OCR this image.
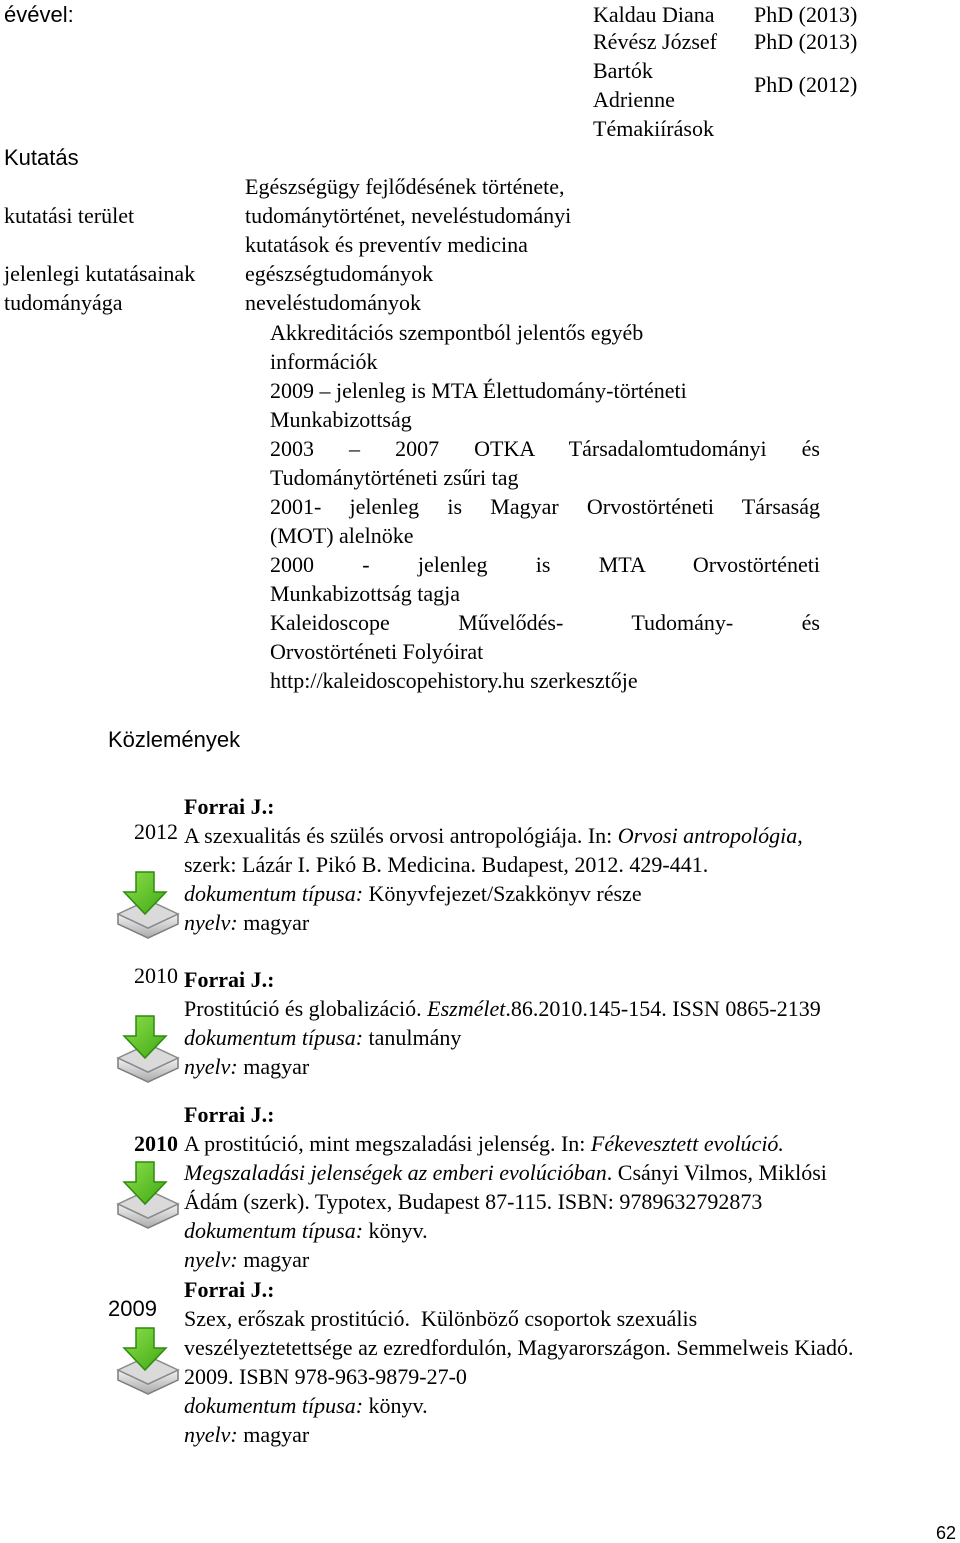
évével:	Kaldau Diana PhD (2013)
Révész József PhD (2013)
Bartók
Adrienne
PhD (2012)
Témakiírások
Kutatás
kutatási terület
Egészségügy fejlődésének története,
tudománytörténet, neveléstudományi
kutatások és preventív medicina
jelenlegi kutatásainak
tudományága
egészségtudományok
neveléstudományok
Akkreditációs szempontból jelentős egyéb
információk
2009 – jelenleg is MTA Élettudomány-történeti
Munkabizottság
2003 – 2007 OTKA Társadalomtudományi és
Tudománytörténeti zsűri tag
2001- jelenleg is Magyar Orvostörténeti Társaság
(MOT) alelnöke
2000 - jelenleg is MTA Orvostörténeti
Munkabizottság tagja
Kaleidoscope Művelődés- Tudomány- és
Orvostörténeti Folyóirat
http://kaleidoscopehistory.hu szerkesztője
Közlemények
2012
Forrai J.:
A szexualitás és szülés orvosi antropológiája. In: Orvosi antropológia,
szerk: Lázár I. Pikó B. Medicina. Budapest, 2012. 429-441.
dokumentum típusa: Könyvfejezet/Szakkönyv része
nyelv: magyar
2010 Forrai J.:
Prostitúció és globalizáció. Eszmélet.86.2010.145-154. ISSN 0865-2139
dokumentum típusa: tanulmány
nyelv: magyar
2010
Forrai J.:
A prostitúció, mint megszaladási jelenség. In: Fékevesztett evolúció.
Megszaladási jelenségek az emberi evolúcióban. Csányi Vilmos, Miklósi
Ádám (szerk). Typotex, Budapest 87-115. ISBN: 9789632792873
dokumentum típusa: könyv.
nyelv: magyar
2009
Forrai J.:
Szex, erőszak prostitúció.  Különböző csoportok szexuális
veszélyeztetettsége az ezredfordulón, Magyarországon. Semmelweis Kiadó.
2009. ISBN 978-963-9879-27-0
dokumentum típusa: könyv.
nyelv: magyar
62
